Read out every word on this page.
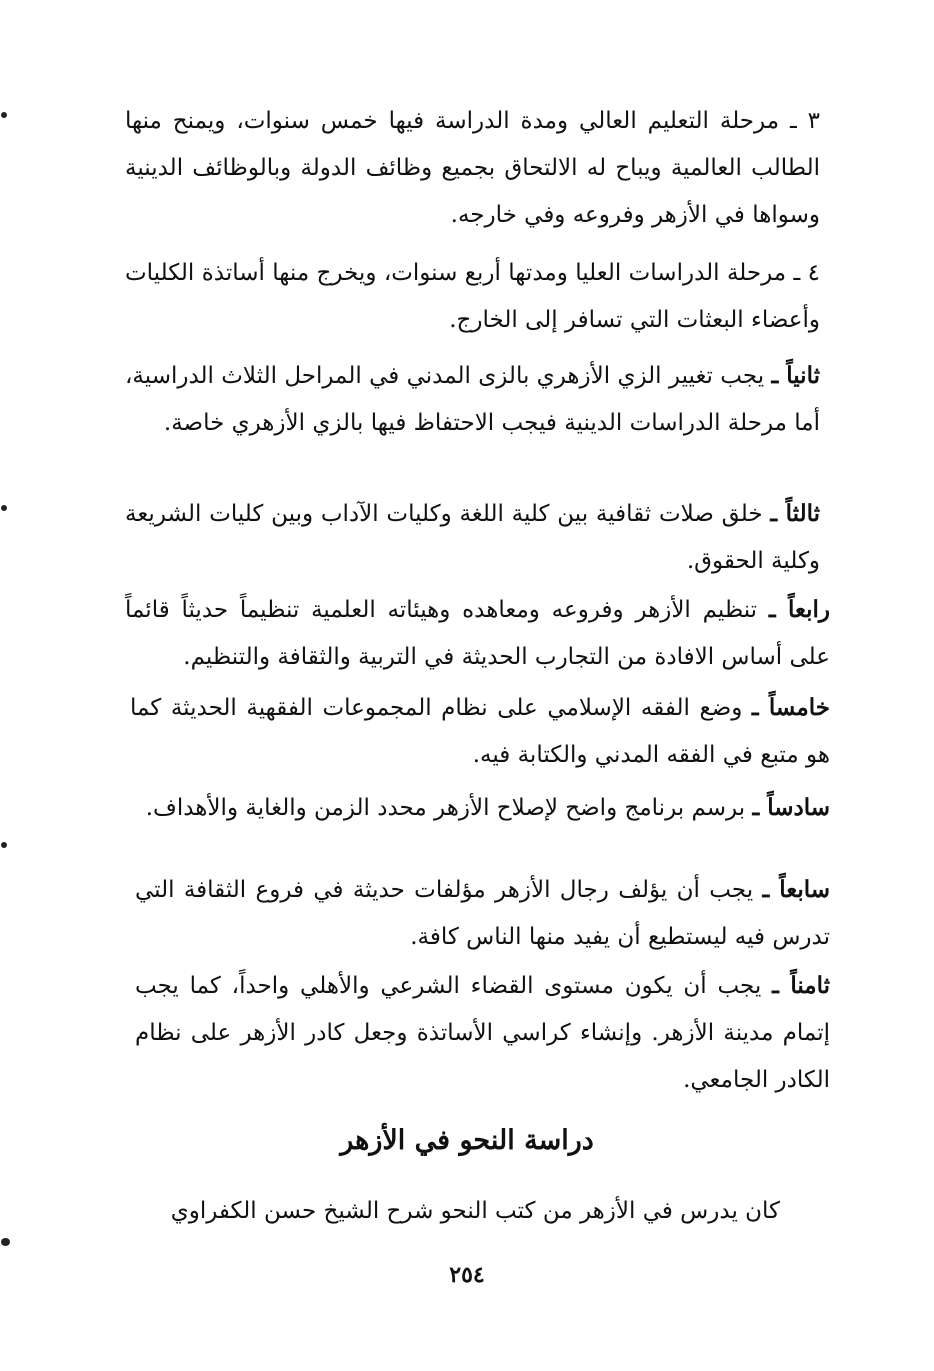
٣ ـ مرحلة التعليم العالي ومدة الدراسة فيها خمس سنوات، ويمنح منها الطالب العالمية ويباح له الالتحاق بجميع وظائف الدولة وبالوظائف الدينية وسواها في الأزهر وفروعه وفي خارجه.

٤ ـ مرحلة الدراسات العليا ومدتها أربع سنوات، ويخرج منها أساتذة الكليات وأعضاء البعثات التي تسافر إلى الخارج.

ثانياً ـ يجب تغيير الزي الأزهري بالزى المدني في المراحل الثلاث الدراسية، أما مرحلة الدراسات الدينية فيجب الاحتفاظ فيها بالزي الأزهري خاصة.

ثالثاً ـ خلق صلات ثقافية بين كلية اللغة وكليات الآداب وبين كليات الشريعة وكلية الحقوق.

رابعاً ـ تنظيم الأزهر وفروعه ومعاهده وهيئاته العلمية تنظيماً حديثاً قائماً على أساس الافادة من التجارب الحديثة في التربية والثقافة والتنظيم.

خامساً ـ وضع الفقه الإسلامي على نظام المجموعات الفقهية الحديثة كما هو متبع في الفقه المدني والكتابة فيه.

سادساً ـ برسم برنامج واضح لإصلاح الأزهر محدد الزمن والغاية والأهداف.

سابعاً ـ يجب أن يؤلف رجال الأزهر مؤلفات حديثة في فروع الثقافة التي تدرس فيه ليستطيع أن يفيد منها الناس كافة.

ثامناً ـ يجب أن يكون مستوى القضاء الشرعي والأهلي واحداً، كما يجب إتمام مدينة الأزهر. وإنشاء كراسي الأساتذة وجعل كادر الأزهر على نظام الكادر الجامعي.

دراسة النحو في الأزهر

كان يدرس في الأزهر من كتب النحو شرح الشيخ حسن الكفراوي

٢٥٤
